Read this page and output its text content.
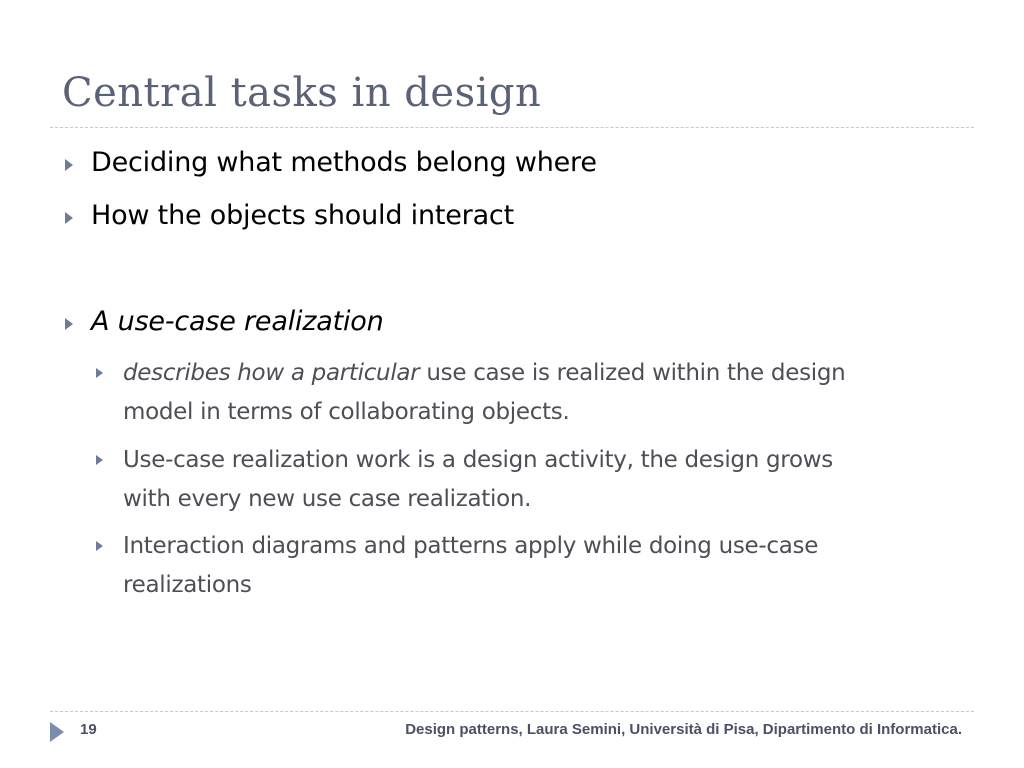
Central tasks in design
Deciding what methods belong where
How the objects should interact
A use-case realization
describes how a particular use case is realized within the design
model in terms of collaborating objects.
Use-case realization work is a design activity, the design grows
with every new use case realization.
Interaction diagrams and patterns apply while doing use-case
realizations
19	Design patterns, Laura Semini, Università di Pisa, Dipartimento di Informatica.
